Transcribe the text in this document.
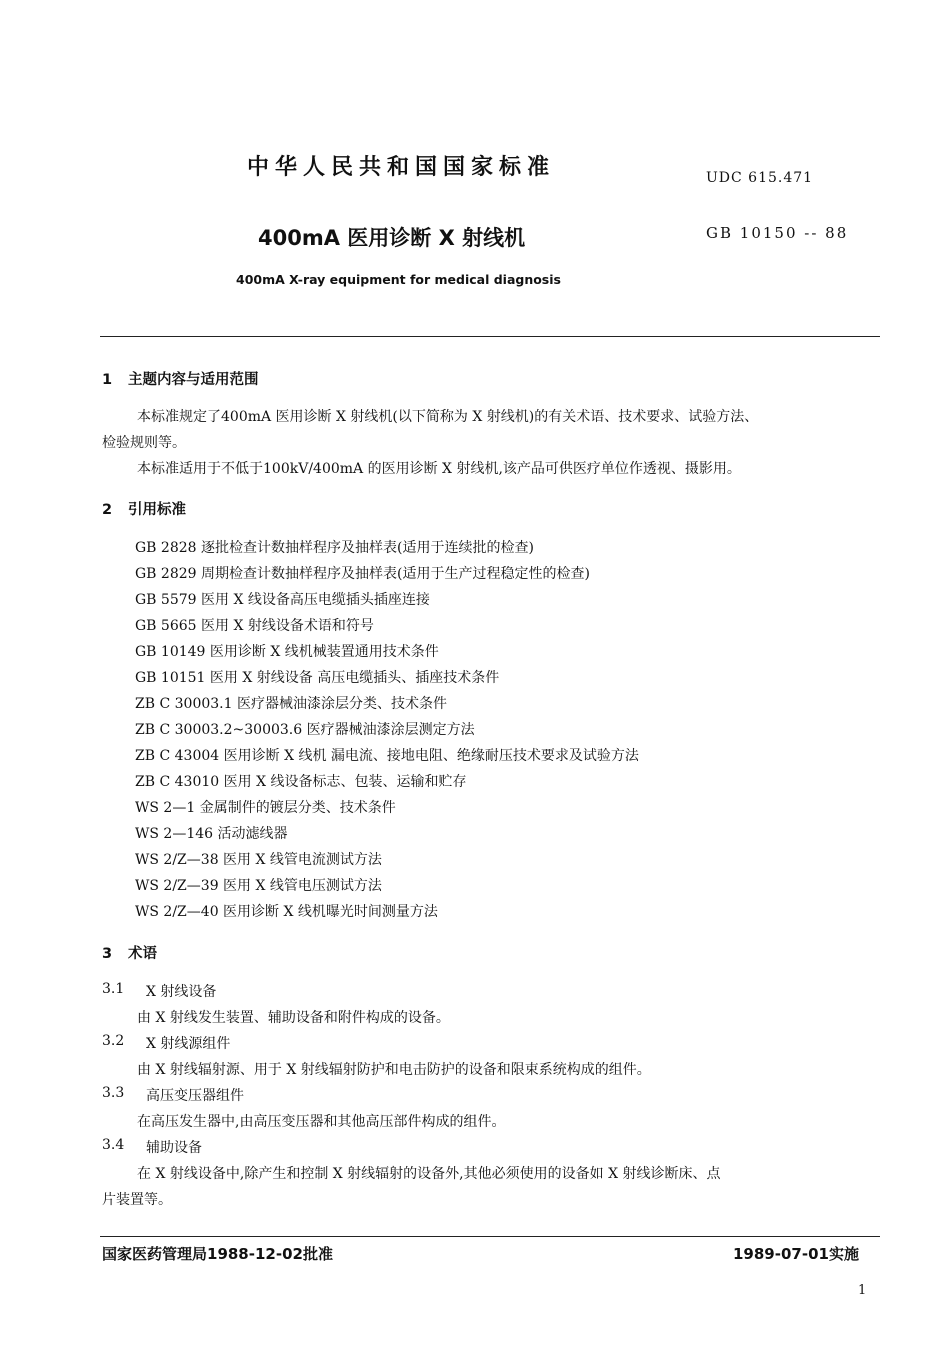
中华人民共和国国家标准	UDC 615.471
400mA 医用诊断 X 射线机	GB 10150 -- 88
400mA X-ray equipment for medical diagnosis
1 主题内容与适用范围
本标准规定了400mA 医用诊断 X 射线机(以下简称为 X 射线机)的有关术语、技术要求、试验方法、
检验规则等。
本标准适用于不低于100kV/400mA 的医用诊断 X 射线机,该产品可供医疗单位作透视、摄影用。
2 引用标准
GB 2828 逐批检查计数抽样程序及抽样表(适用于连续批的检查)
GB 2829 周期检查计数抽样程序及抽样表(适用于生产过程稳定性的检查)
GB 5579 医用 X 线设备高压电缆插头插座连接
GB 5665 医用 X 射线设备术语和符号
GB 10149 医用诊断 X 线机械装置通用技术条件
GB 10151 医用 X 射线设备 高压电缆插头、插座技术条件
ZB C 30003.1 医疗器械油漆涂层分类、技术条件
ZB C 30003.2~30003.6 医疗器械油漆涂层测定方法
ZB C 43004 医用诊断 X 线机 漏电流、接地电阻、绝缘耐压技术要求及试验方法
ZB C 43010 医用 X 线设备标志、包装、运输和贮存
WS 2—1 金属制件的镀层分类、技术条件
WS 2—146 活动滤线器
WS 2/Z—38 医用 X 线管电流测试方法
WS 2/Z—39 医用 X 线管电压测试方法
WS 2/Z—40 医用诊断 X 线机曝光时间测量方法
3 术语
3.1 X 射线设备
由 X 射线发生装置、辅助设备和附件构成的设备。
3.2 X 射线源组件
由 X 射线辐射源、用于 X 射线辐射防护和电击防护的设备和限束系统构成的组件。
3.3 高压变压器组件
在高压发生器中,由高压变压器和其他高压部件构成的组件。
3.4 辅助设备
在 X 射线设备中,除产生和控制 X 射线辐射的设备外,其他必须使用的设备如 X 射线诊断床、点
片装置等。
国家医药管理局1988-12-02批准	1989-07-01实施
1
